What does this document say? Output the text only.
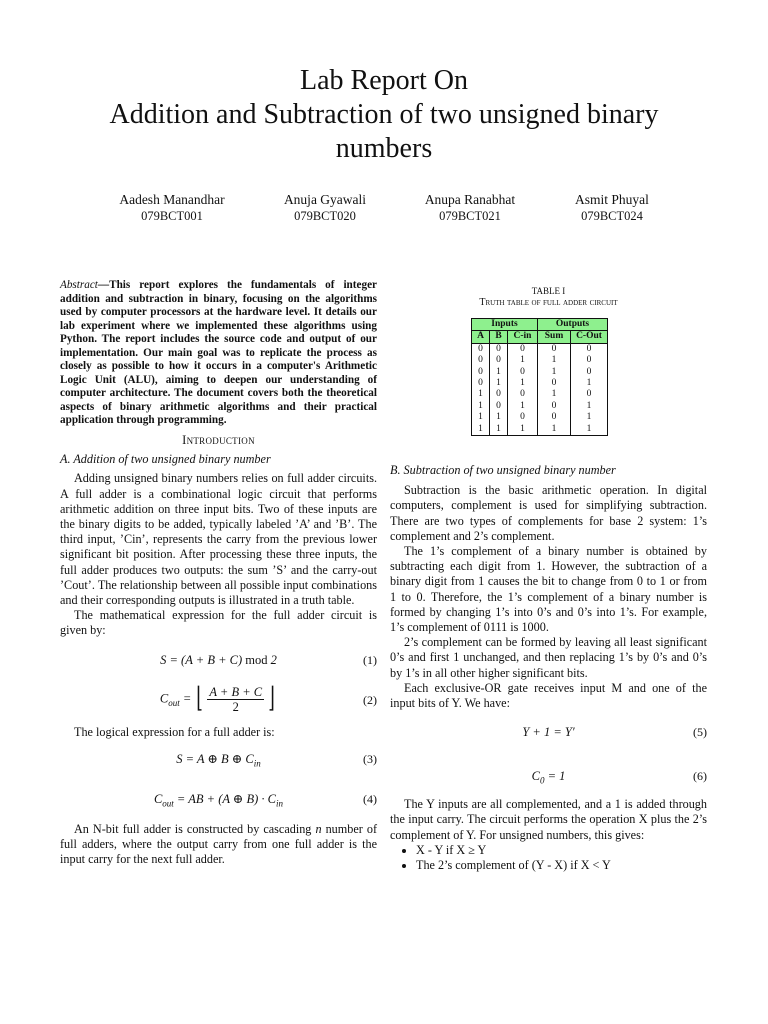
Lab Report On
Addition and Subtraction of two unsigned binary
numbers
Aadesh Manandhar
079BCT001
Anuja Gyawali
079BCT020
Anupa Ranabhat
079BCT021
Asmit Phuyal
079BCT024
Abstract—This report explores the fundamentals of integer addition and subtraction in binary, focusing on the algorithms used by computer processors at the hardware level. It details our lab experiment where we implemented these algorithms using Python. The report includes the source code and output of our implementation. Our main goal was to replicate the process as closely as possible to how it occurs in a computer's Arithmetic Logic Unit (ALU), aiming to deepen our understanding of computer architecture. The document covers both the theoretical aspects of binary arithmetic algorithms and their practical application through programming.
Introduction
A. Addition of two unsigned binary number

Adding unsigned binary numbers relies on full adder circuits. A full adder is a combinational logic circuit that performs arithmetic addition on three input bits. Two of these inputs are the binary digits to be added, typically labeled ’A’ and ’B’. The third input, ’Cin’, represents the carry from the previous lower significant bit position. After processing these three inputs, the full adder produces two outputs: the sum ’S’ and the carry-out ’Cout’. The relationship between all possible input combinations and their corresponding outputs is illustrated in a truth table.

The mathematical expression for the full adder circuit is given by:

S = (A + B + C) mod 2	(1)
$C_{out}$ = ⌊ $\frac{A + B + C}{2}$ ⌋	(2)

The logical expression for a full adder is:

S = A ⊕ B ⊕ $C_{in}$	(3)
$C_{out}$ = AB + (A ⊕ $B) \cdot C_{in}$	(4)

An N-bit full adder is constructed by cascading n number of full adders, where the output carry from one full adder is the input carry for the next full adder.

TABLE I
Truth table of full adder circuit
Inputs			Outputs	
A	B	C-in	Sum	C-Out
0	0	0	0	0
0	0	1	1	0
0	1	0	1	0
0	1	1	0	1
1	0	0	1	0
1	0	1	0	1
1	1	0	0	1
1	1	1	1	1
B. Subtraction of two unsigned binary number

Subtraction is the basic arithmetic operation. In digital computers, complement is used for simplifying subtraction. There are two types of complements for base 2 system: 1’s complement and 2’s complement.

The 1’s complement of a binary number is obtained by subtracting each digit from 1. However, the subtraction of a binary digit from 1 causes the bit to change from 0 to 1 or from 1 to 0. Therefore, the 1’s complement of a binary number is formed by changing 1’s into 0’s and 0’s into 1’s. For example, 1’s complement of 0111 is 1000.

2’s complement can be formed by leaving all least significant 0’s and first 1 unchanged, and then replacing 1’s by 0’s and 0’s by 1’s in all other higher significant bits.

Each exclusive-OR gate receives input M and one of the input bits of Y. We have:

Y + 1 = Y′	(5)
$C_0 = 1$	(6)

The Y inputs are all complemented, and a 1 is added through the input carry. The circuit performs the operation X plus the 2’s complement of Y. For unsigned numbers, this gives:

• X - Y if X ≥ Y
• The 2’s complement of (Y - X) if X < Y
